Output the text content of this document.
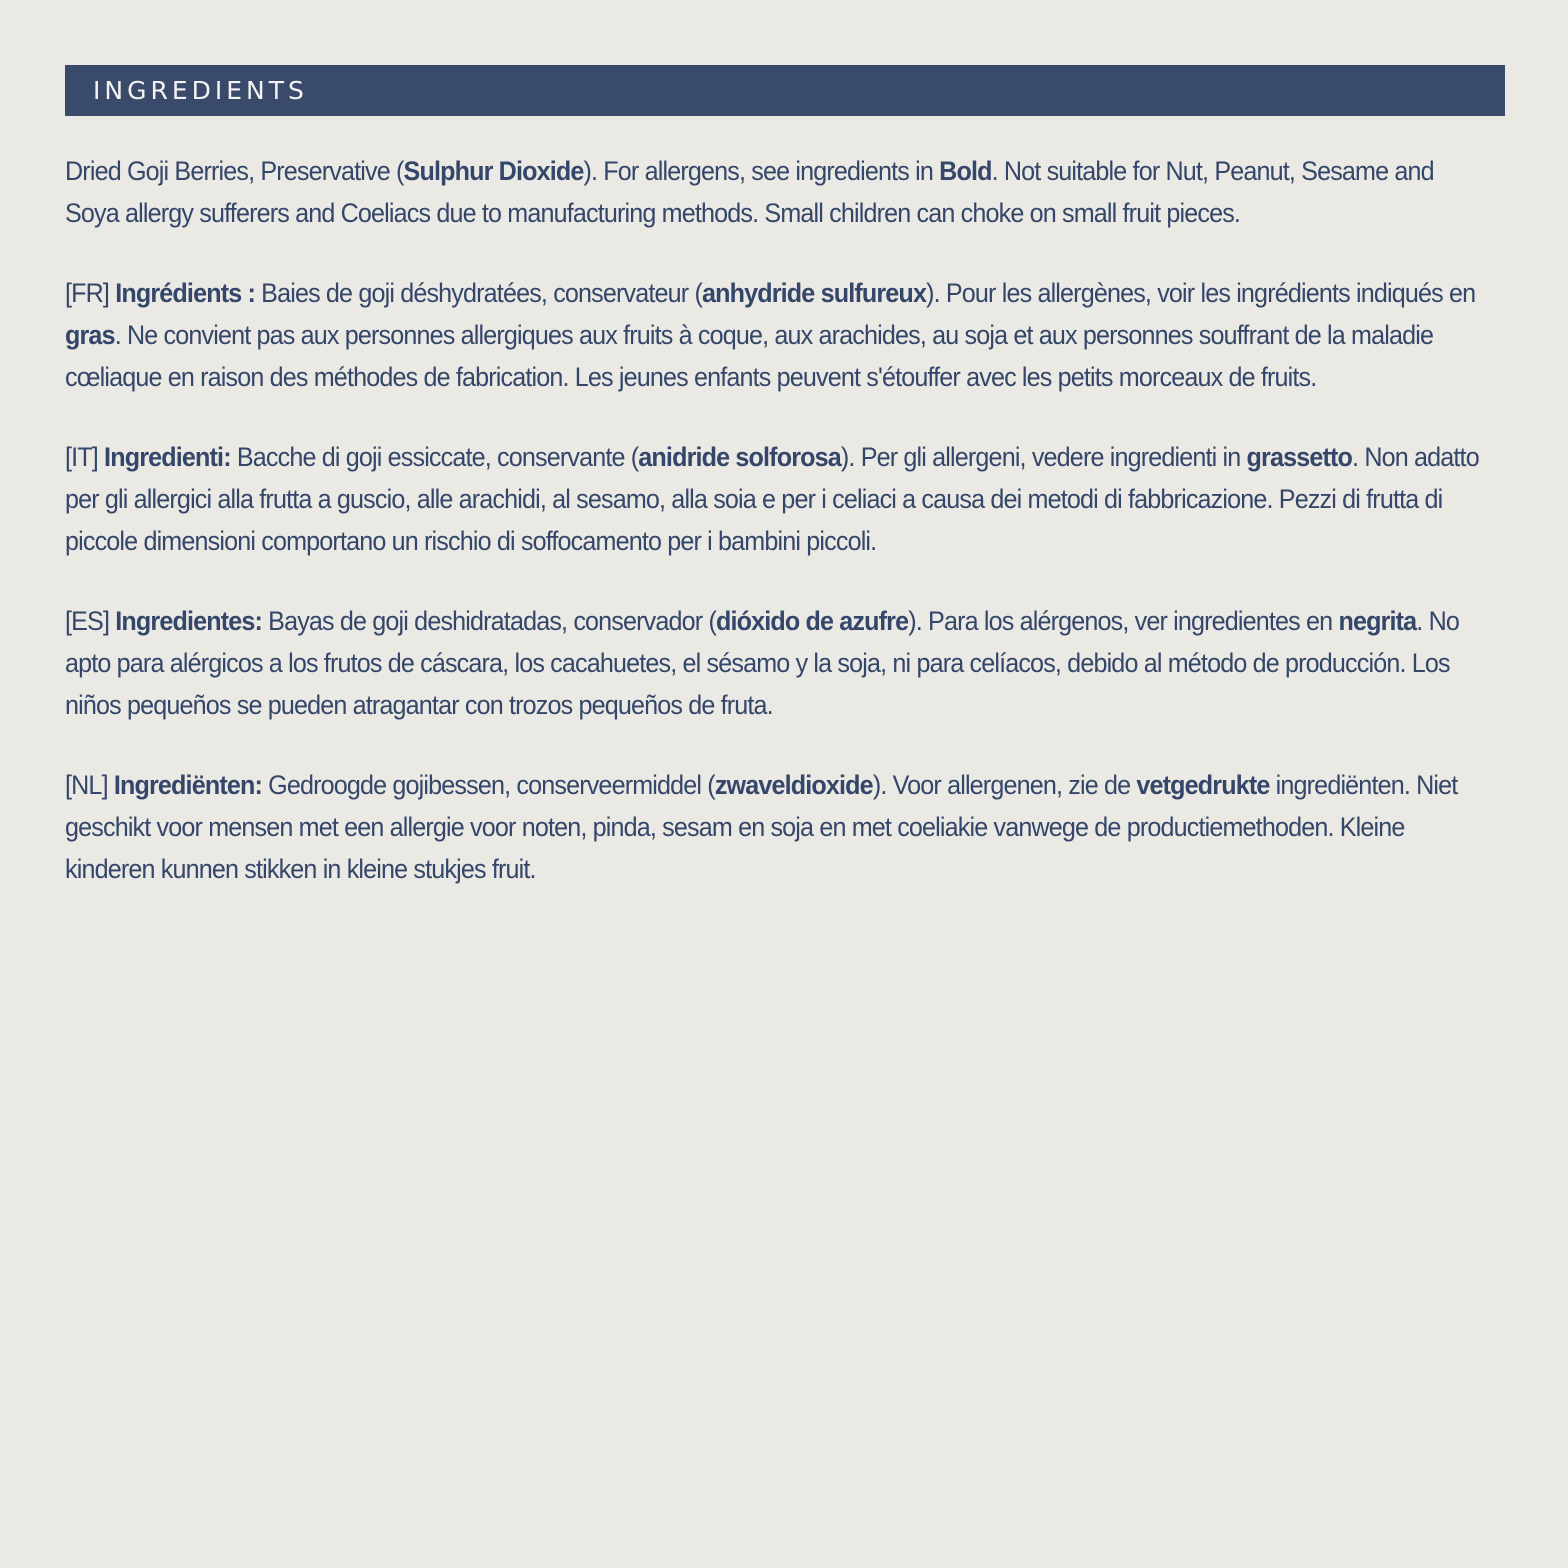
INGREDIENTS

Dried Goji Berries, Preservative (Sulphur Dioxide). For allergens, see ingredients in Bold. Not suitable for Nut, Peanut, Sesame and Soya allergy sufferers and Coeliacs due to manufacturing methods. Small children can choke on small fruit pieces.

[FR] Ingrédients : Baies de goji déshydratées, conservateur (anhydride sulfureux). Pour les allergènes, voir les ingrédients indiqués en gras. Ne convient pas aux personnes allergiques aux fruits à coque, aux arachides, au soja et aux personnes souffrant de la maladie cœliaque en raison des méthodes de fabrication. Les jeunes enfants peuvent s'étouffer avec les petits morceaux de fruits.

[IT] Ingredienti: Bacche di goji essiccate, conservante (anidride solforosa). Per gli allergeni, vedere ingredienti in grassetto. Non adatto per gli allergici alla frutta a guscio, alle arachidi, al sesamo, alla soia e per i celiaci a causa dei metodi di fabbricazione. Pezzi di frutta di piccole dimensioni comportano un rischio di soffocamento per i bambini piccoli.

[ES] Ingredientes: Bayas de goji deshidratadas, conservador (dióxido de azufre). Para los alérgenos, ver ingredientes en negrita. No apto para alérgicos a los frutos de cáscara, los cacahuetes, el sésamo y la soja, ni para celíacos, debido al método de producción. Los niños pequeños se pueden atragantar con trozos pequeños de fruta.

[NL] Ingrediënten: Gedroogde gojibessen, conserveermiddel (zwaveldioxide). Voor allergenen, zie de vetgedrukte ingrediënten. Niet geschikt voor mensen met een allergie voor noten, pinda, sesam en soja en met coeliakie vanwege de productiemethoden. Kleine kinderen kunnen stikken in kleine stukjes fruit.
